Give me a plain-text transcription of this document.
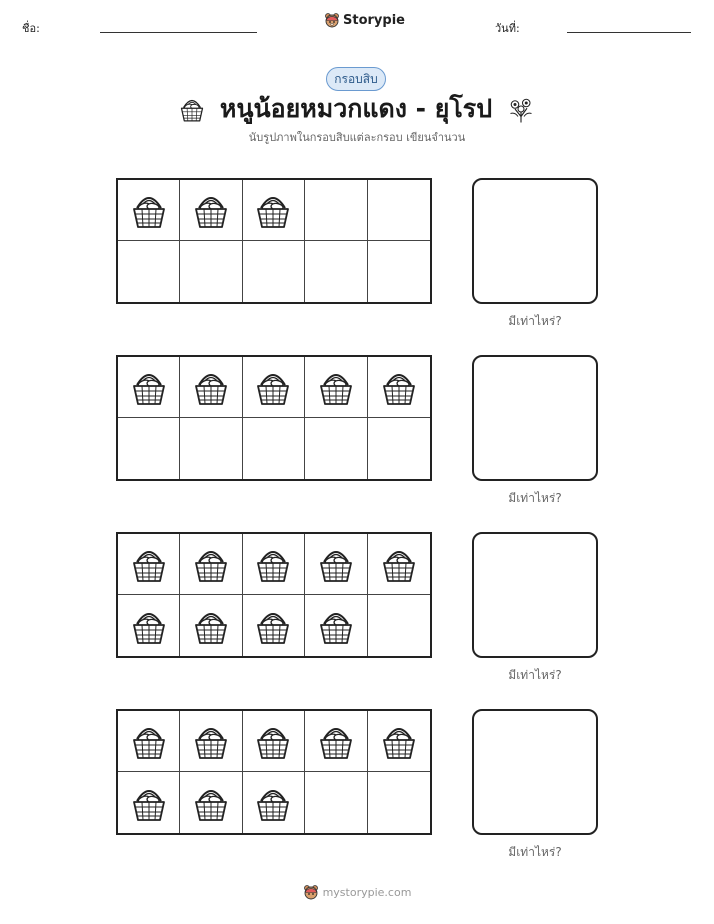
ชื่อ:
Storypie
วันที่:
กรอบสิบ
หนูน้อยหมวกแดง - ยุโรป
นับรูปภาพในกรอบสิบแต่ละกรอบ เขียนจำนวน
มีเท่าไหร่?
มีเท่าไหร่?
มีเท่าไหร่?
มีเท่าไหร่?
mystorypie.com
